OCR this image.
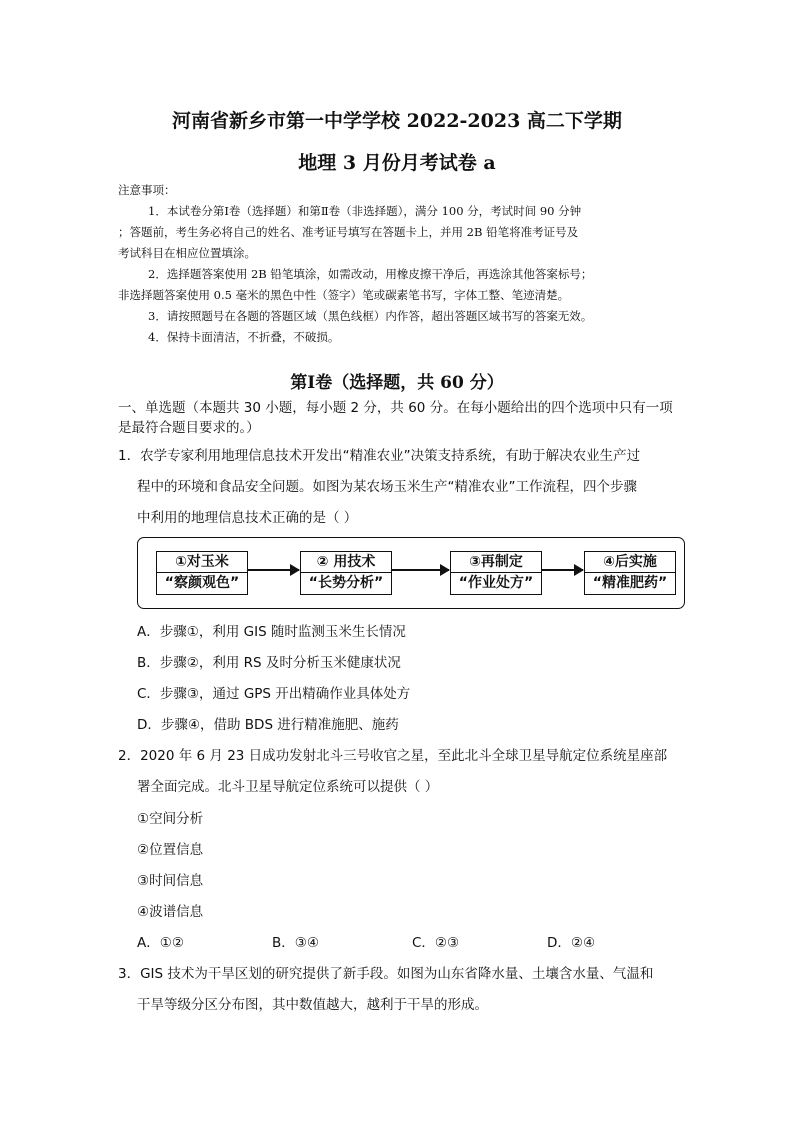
河南省新乡市第一中学学校 2022-2023 高二下学期
地理 3 月份月考试卷 a

注意事项：

1．本试卷分第Ⅰ卷（选择题）和第Ⅱ卷（非选择题），满分 100 分，考试时间 90 分钟

；答题前，考生务必将自己的姓名、准考证号填写在答题卡上，并用 2B 铅笔将准考证号及

考试科目在相应位置填涂。

2．选择题答案使用 2B 铅笔填涂，如需改动，用橡皮擦干净后，再选涂其他答案标号；

非选择题答案使用 0.5 毫米的黑色中性（签字）笔或碳素笔书写，字体工整、笔迹清楚。

3．请按照题号在各题的答题区域（黑色线框）内作答，超出答题区域书写的答案无效。

4．保持卡面清洁，不折叠，不破损。

第Ⅰ卷（选择题，共 60 分）
一、单选题（本题共 30 小题，每小题 2 分，共 60 分。在每小题给出的四个选项中只有一项
是最符合题目要求的。）
1．农学专家利用地理信息技术开发出“精准农业”决策支持系统，有助于解决农业生产过
程中的环境和食品安全问题。如图为某农场玉米生产“精准农业”工作流程，四个步骤
中利用的地理信息技术正确的是（ ）
①对玉米
“察颜观色”
② 用技术
“长势分析”
③再制定
“作业处方”
④后实施
“精准肥药”
A．步骤①，利用 GIS 随时监测玉米生长情况
B．步骤②，利用 RS 及时分析玉米健康状况
C．步骤③，通过 GPS 开出精确作业具体处方
D．步骤④，借助 BDS 进行精准施肥、施药
2．2020 年 6 月 23 日成功发射北斗三号收官之星，至此北斗全球卫星导航定位系统星座部
署全面完成。北斗卫星导航定位系统可以提供（ ）
①空间分析
②位置信息
③时间信息
④波谱信息
A．①②	B．③④	C．②③	D．②④
3．GIS 技术为干旱区划的研究提供了新手段。如图为山东省降水量、土壤含水量、气温和
干旱等级分区分布图，其中数值越大，越利于干旱的形成。
